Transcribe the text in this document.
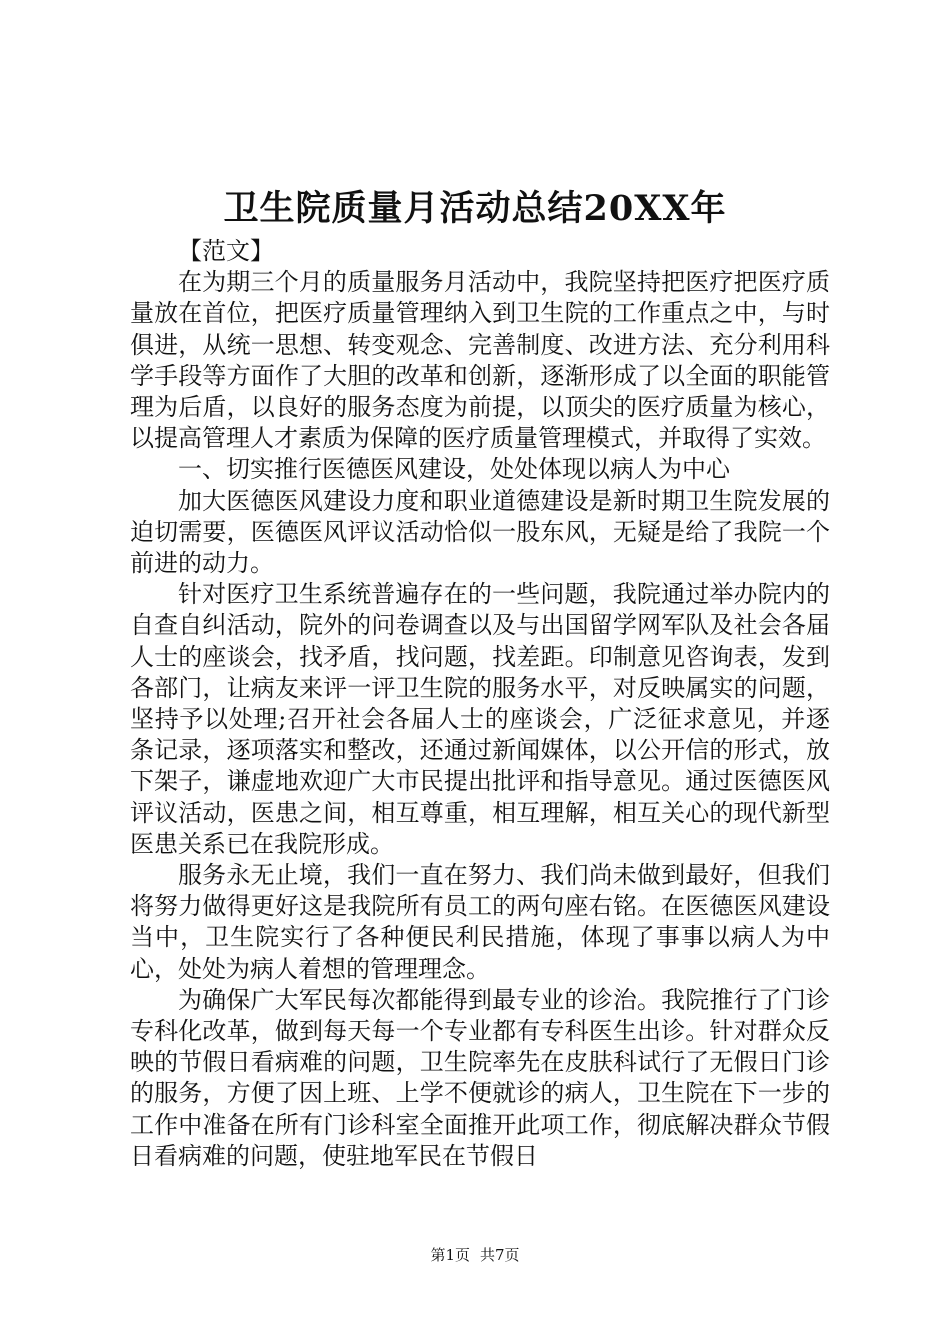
卫生院质量月活动总结20XX年

【范文】

在为期三个月的质量服务月活动中，我院坚持把医疗把医疗质量放在首位，把医疗质量管理纳入到卫生院的工作重点之中，与时俱进，从统一思想、转变观念、完善制度、改进方法、充分利用科学手段等方面作了大胆的改革和创新，逐渐形成了以全面的职能管理为后盾，以良好的服务态度为前提，以顶尖的医疗质量为核心，以提高管理人才素质为保障的医疗质量管理模式，并取得了实效。

一、切实推行医德医风建设，处处体现以病人为中心

加大医德医风建设力度和职业道德建设是新时期卫生院发展的迫切需要，医德医风评议活动恰似一股东风，无疑是给了我院一个前进的动力。

针对医疗卫生系统普遍存在的一些问题，我院通过举办院内的自查自纠活动，院外的问卷调查以及与出国留学网军队及社会各届人士的座谈会，找矛盾，找问题，找差距。印制意见咨询表，发到各部门，让病友来评一评卫生院的服务水平，对反映属实的问题，坚持予以处理;召开社会各届人士的座谈会，广泛征求意见，并逐条记录，逐项落实和整改，还通过新闻媒体，以公开信的形式，放下架子，谦虚地欢迎广大市民提出批评和指导意见。通过医德医风评议活动，医患之间，相互尊重，相互理解，相互关心的现代新型医患关系已在我院形成。

服务永无止境，我们一直在努力、我们尚未做到最好，但我们将努力做得更好这是我院所有员工的两句座右铭。在医德医风建设当中，卫生院实行了各种便民利民措施，体现了事事以病人为中心，处处为病人着想的管理理念。

为确保广大军民每次都能得到最专业的诊治。我院推行了门诊专科化改革，做到每天每一个专业都有专科医生出诊。针对群众反映的节假日看病难的问题，卫生院率先在皮肤科试行了无假日门诊的服务，方便了因上班、上学不便就诊的病人，卫生院在下一步的工作中准备在所有门诊科室全面推开此项工作，彻底解决群众节假日看病难的问题，使驻地军民在节假日

第1页 共7页
